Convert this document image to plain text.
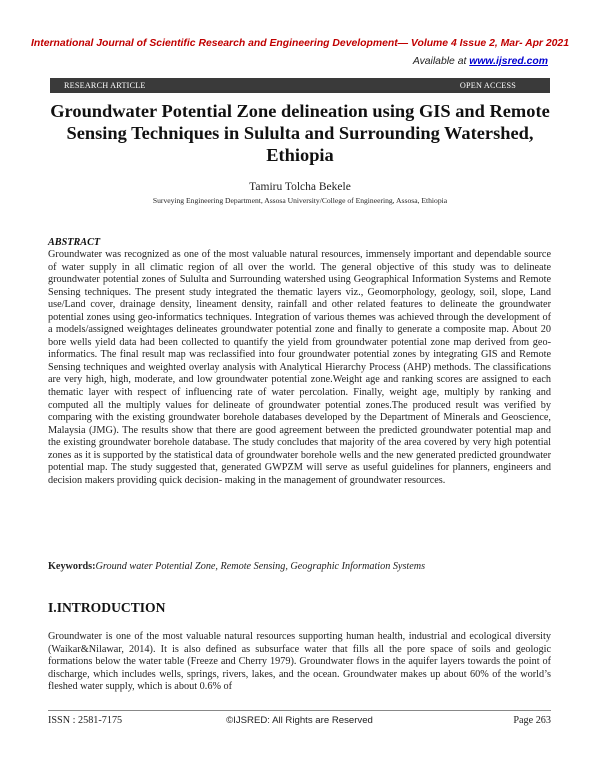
International Journal of Scientific Research and Engineering Development— Volume 4 Issue 2, Mar- Apr 2021
Available at www.ijsred.com
RESEARCH ARTICLE	OPEN ACCESS
Groundwater Potential Zone delineation using GIS and Remote Sensing Techniques in Sululta and Surrounding Watershed, Ethiopia
Tamiru Tolcha Bekele
Surveying Engineering Department, Assosa University/College of Engineering, Assosa, Ethiopia
ABSTRACT
Groundwater was recognized as one of the most valuable natural resources, immensely important and dependable source of water supply in all climatic region of all over the world. The general objective of this study was to delineate groundwater potential zones of Sululta and Surrounding watershed using Geographical Information Systems and Remote Sensing techniques. The present study integrated the thematic layers viz., Geomorphology, geology, soil, slope, Land use/Land cover, drainage density, lineament density, rainfall and other related features to delineate the groundwater potential zones using geo-informatics techniques. Integration of various themes was achieved through the development of a models/assigned weightages delineates groundwater potential zone and finally to generate a composite map. About 20 bore wells yield data had been collected to quantify the yield from groundwater potential zone map derived from geo-informatics. The final result map was reclassified into four groundwater potential zones by integrating GIS and Remote Sensing techniques and weighted overlay analysis with Analytical Hierarchy Process (AHP) methods. The classifications are very high, high, moderate, and low groundwater potential zone.Weight age and ranking scores are assigned to each thematic layer with respect of influencing rate of water percolation. Finally, weight age, multiply by ranking and computed all the multiply values for delineate of groundwater potential zones.The produced result was verified by comparing with the existing groundwater borehole databases developed by the Department of Minerals and Geoscience, Malaysia (JMG). The results show that there are good agreement between the predicted groundwater potential map and the existing groundwater borehole database. The study concludes that majority of the area covered by very high potential zones as it is supported by the statistical data of groundwater borehole wells and the new generated predicted groundwater potential map. The study suggested that, generated GWPZM will serve as useful guidelines for planners, engineers and decision makers providing quick decision- making in the management of groundwater resources.
Keywords:Ground water Potential Zone, Remote Sensing, Geographic Information Systems
I.INTRODUCTION
Groundwater is one of the most valuable natural resources supporting human health, industrial and ecological diversity (Waikar&Nilawar, 2014). It is also defined as subsurface water that fills all the pore space of soils and geologic formations below the water table (Freeze and Cherry 1979). Groundwater flows in the aquifer layers towards the point of discharge, which includes wells, springs, rivers, lakes, and the ocean. Groundwater makes up about 60% of the world’s fleshed water supply, which is about 0.6% of
ISSN : 2581-7175	©IJSRED: All Rights are Reserved	Page 263
